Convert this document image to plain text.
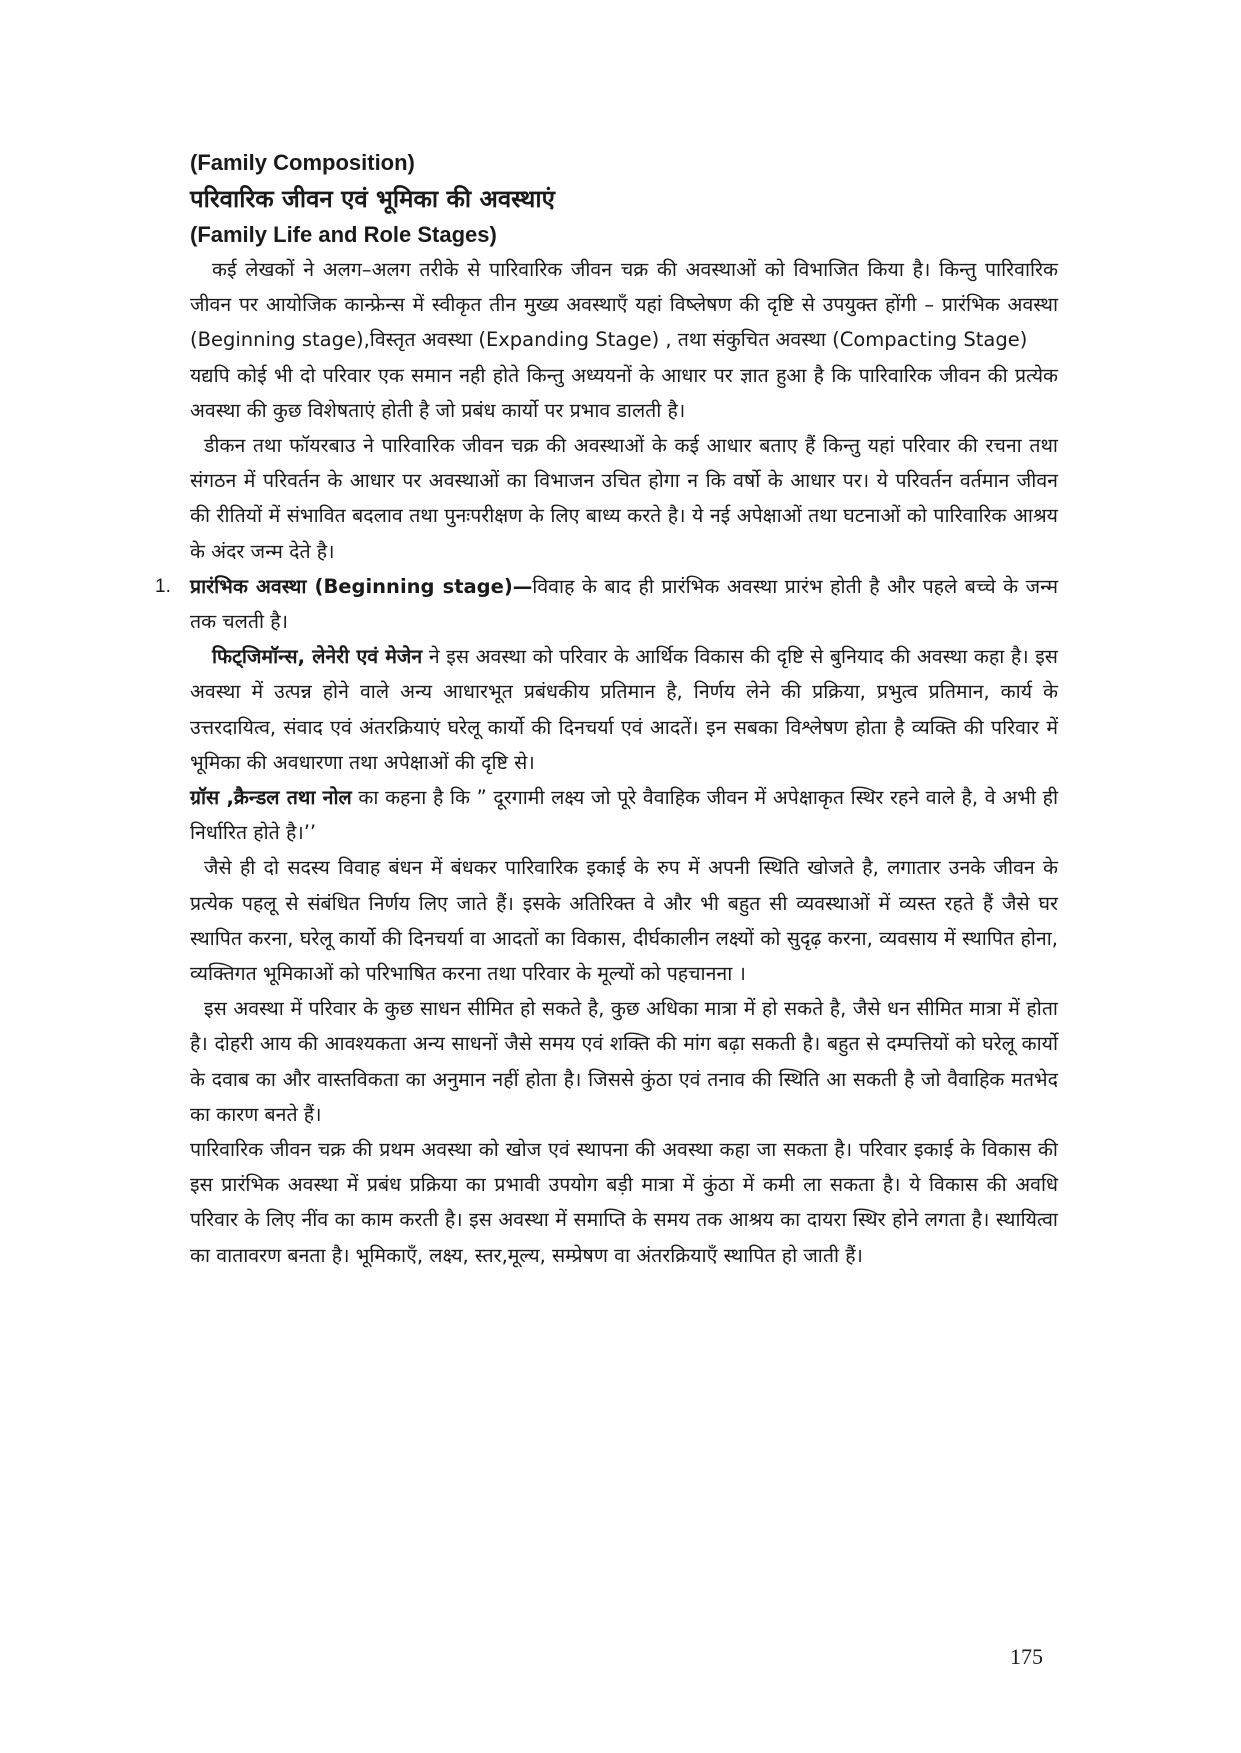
(Family Composition)

परिवारिक जीवन एवं भूमिका की अवस्थाएं

(Family Life and Role Stages)

कई लेखकों ने अलग–अलग तरीके से पारिवारिक जीवन चक्र की अवस्थाओं को विभाजित किया है। किन्तु पारिवारिक जीवन पर आयोजिक कान्फ्रेन्स में स्वीकृत तीन मुख्य अवस्थाएँ यहां विष्लेषण की दृष्टि से उपयुक्त होंगी – प्रारंभिक अवस्था (Beginning stage),विस्तृत अवस्था (Expanding Stage) , तथा संकुचित अवस्था (Compacting Stage)

यद्यपि कोई भी दो परिवार एक समान नही होते किन्तु अध्ययनों के आधार पर ज्ञात हुआ है कि पारिवारिक जीवन की प्रत्येक अवस्था की कुछ विशेषताएं होती है जो प्रबंध कार्यो पर प्रभाव डालती है।

डीकन तथा फॉयरबाउ ने पारिवारिक जीवन चक्र की अवस्थाओं के कई आधार बताए हैं किन्तु यहां परिवार की रचना तथा संगठन में परिवर्तन के आधार पर अवस्थाओं का विभाजन उचित होगा न कि वर्षो के आधार पर। ये परिवर्तन वर्तमान जीवन की रीतियों में संभावित बदलाव तथा पुनःपरीक्षण के लिए बाध्य करते है। ये नई अपेक्षाओं तथा घटनाओं को पारिवारिक आश्रय के अंदर जन्म देते है।

1. प्रारंभिक अवस्था (Beginning stage)—विवाह के बाद ही प्रारंभिक अवस्था प्रारंभ होती है और पहले बच्चे के जन्म तक चलती है।

फिट्जिमॉन्स, लेनेरी एवं मेजेन ने इस अवस्था को परिवार के आर्थिक विकास की दृष्टि से बुनियाद की अवस्था कहा है। इस अवस्था में उत्पन्न होने वाले अन्य आधारभूत प्रबंधकीय प्रतिमान है, निर्णय लेने की प्रक्रिया, प्रभुत्व प्रतिमान, कार्य के उत्तरदायित्व, संवाद एवं अंतरक्रियाएं घरेलू कार्यो की दिनचर्या एवं आदतें। इन सबका विश्लेषण होता है व्यक्ति की परिवार में भूमिका की अवधारणा तथा अपेक्षाओं की दृष्टि से।

ग्रॉस ,क्रैन्डल तथा नोल का कहना है कि ” दूरगामी लक्ष्य जो पूरे वैवाहिक जीवन में अपेक्षाकृत स्थिर रहने वाले है, वे अभी ही निर्धारित होते है।’’

जैसे ही दो सदस्य विवाह बंधन में बंधकर पारिवारिक इकाई के रुप में अपनी स्थिति खोजते है, लगातार उनके जीवन के प्रत्येक पहलू से संबंधित निर्णय लिए जाते हैं। इसके अतिरिक्त वे और भी बहुत सी व्यवस्थाओं में व्यस्त रहते हैं जैसे घर स्थापित करना, घरेलू कार्यो की दिनचर्या वा आदतों का विकास, दीर्घकालीन लक्ष्यों को सुदृढ़ करना, व्यवसाय में स्थापित होना, व्यक्तिगत भूमिकाओं को परिभाषित करना तथा परिवार के मूल्यों को पहचानना ।

इस अवस्था में परिवार के कुछ साधन सीमित हो सकते है, कुछ अधिका मात्रा में हो सकते है, जैसे धन सीमित मात्रा में होता है। दोहरी आय की आवश्यकता अन्य साधनों जैसे समय एवं शक्ति की मांग बढ़ा सकती है। बहुत से दम्पत्तियों को घरेलू कार्यो के दवाब का और वास्तविकता का अनुमान नहीं होता है। जिससे कुंठा एवं तनाव की स्थिति आ सकती है जो वैवाहिक मतभेद का कारण बनते हैं।

पारिवारिक जीवन चक्र की प्रथम अवस्था को खोज एवं स्थापना की अवस्था कहा जा सकता है। परिवार इकाई के विकास की इस प्रारंभिक अवस्था में प्रबंध प्रक्रिया का प्रभावी उपयोग बड़ी मात्रा में कुंठा में कमी ला सकता है। ये विकास की अवधि परिवार के लिए नींव का काम करती है। इस अवस्था में समाप्ति के समय तक आश्रय का दायरा स्थिर होने लगता है। स्थायित्वा का वातावरण बनता है। भूमिकाएँ, लक्ष्य, स्तर,मूल्य, सम्प्रेषण वा अंतरक्रियाएँ स्थापित हो जाती हैं।

175
